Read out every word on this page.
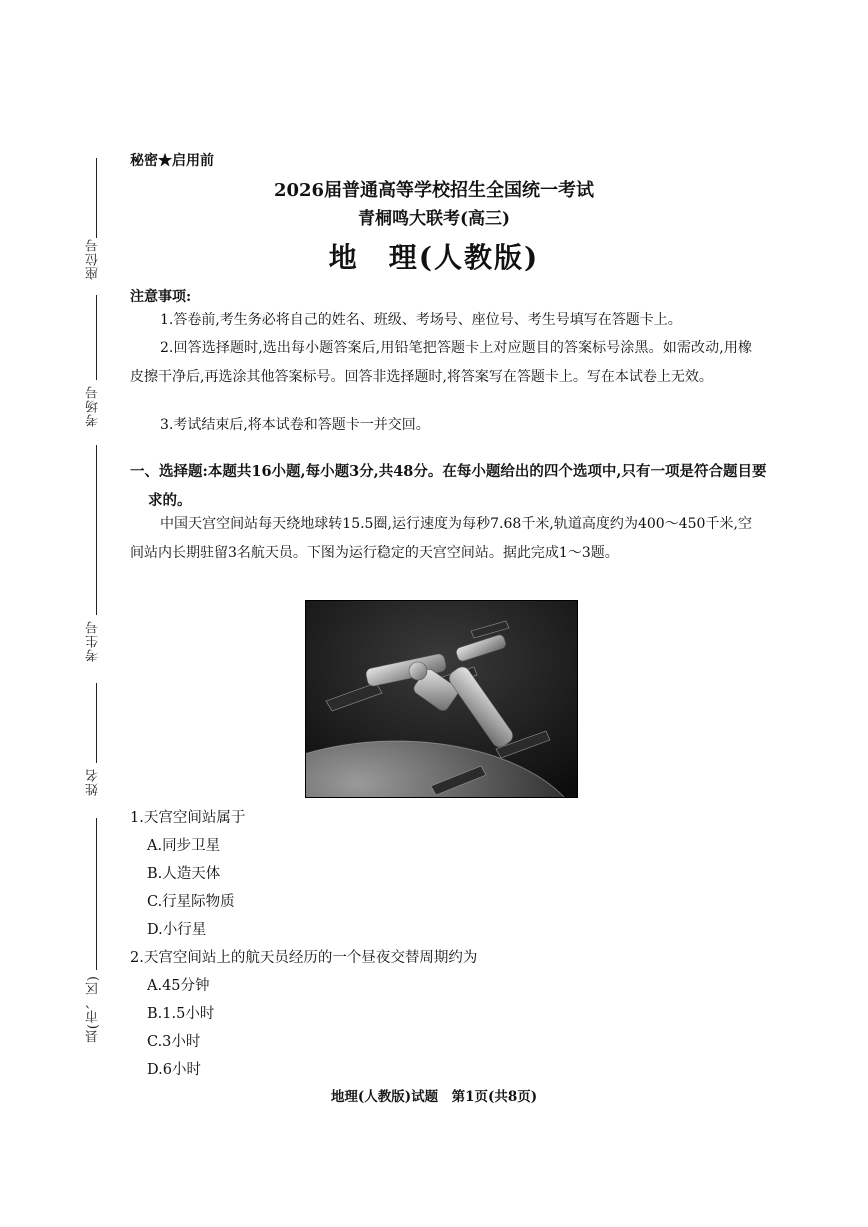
座位号
考场号
考生号
姓名
县(市、区)
秘密★启用前
2026届普通高等学校招生全国统一考试
青桐鸣大联考(高三)
地　理(人教版)
注意事项:
1.答卷前,考生务必将自己的姓名、班级、考场号、座位号、考生号填写在答题卡上。
2.回答选择题时,选出每小题答案后,用铅笔把答题卡上对应题目的答案标号涂黑。如需改动,用橡皮擦干净后,再选涂其他答案标号。回答非选择题时,将答案写在答题卡上。写在本试卷上无效。
3.考试结束后,将本试卷和答题卡一并交回。
一、选择题:本题共16小题,每小题3分,共48分。在每小题给出的四个选项中,只有一项是符合题目要求的。
中国天宫空间站每天绕地球转15.5圈,运行速度为每秒7.68千米,轨道高度约为400～450千米,空间站内长期驻留3名航天员。下图为运行稳定的天宫空间站。据此完成1～3题。
1.天宫空间站属于
A.同步卫星
B.人造天体
C.行星际物质
D.小行星
2.天宫空间站上的航天员经历的一个昼夜交替周期约为
A.45分钟
B.1.5小时
C.3小时
D.6小时
地理(人教版)试题　第1页(共8页)
